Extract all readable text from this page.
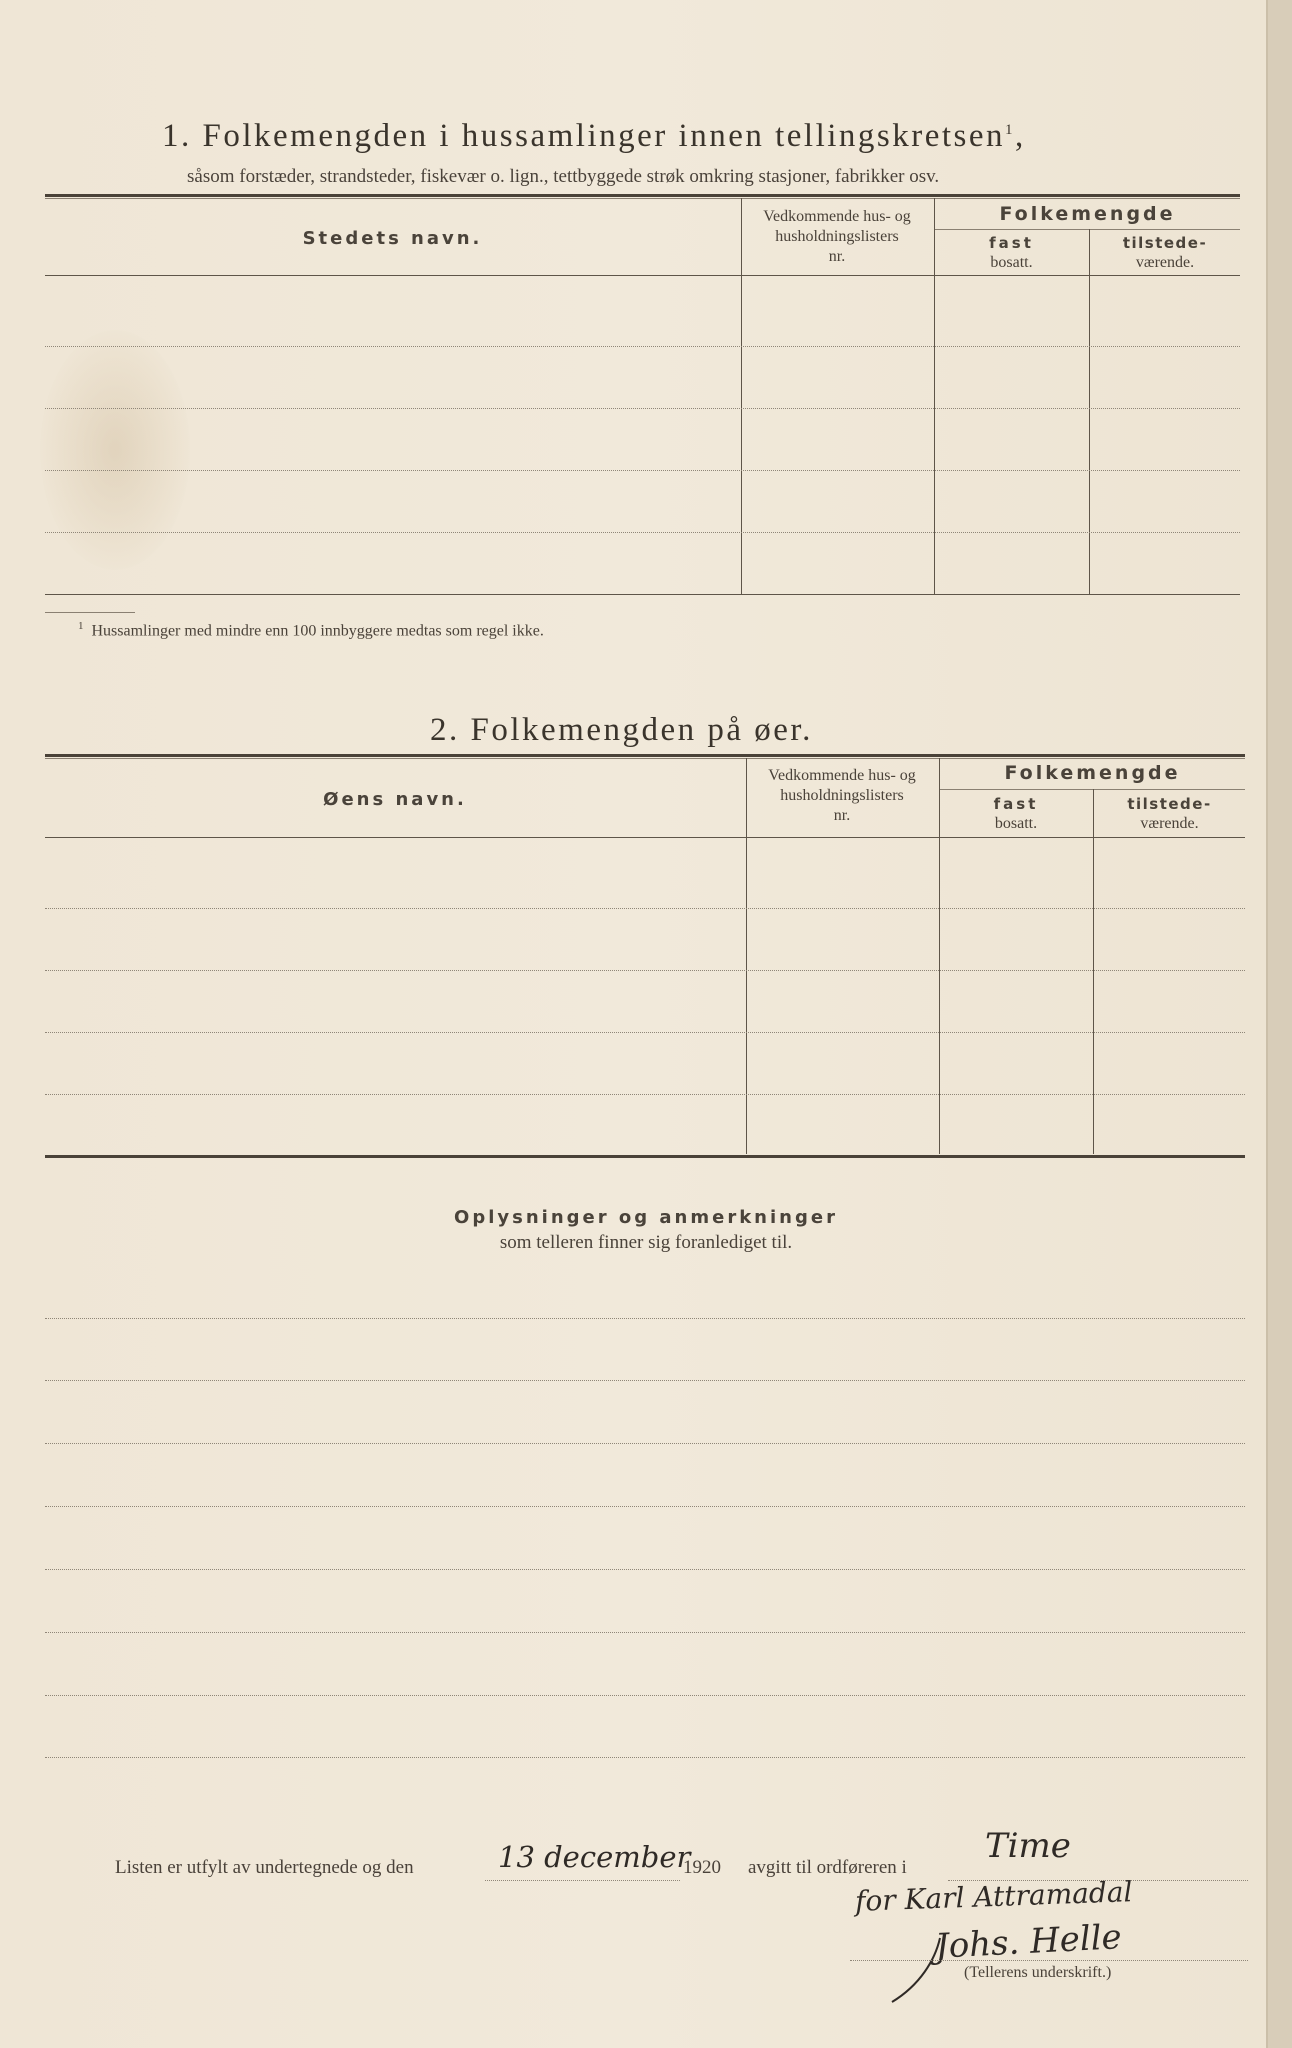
1. Folkemengden i hussamlinger innen tellingskretsen$^1$,
såsom forstæder, strandsteder, fiskevær o. lign., tettbyggede strøk omkring stasjoner, fabrikker osv.
Stedets navn.
Vedkommende hus- og
husholdningslisters
nr.
Folkemengde
fast
bosatt.
tilstede-
værende.
$^1$ Hussamlinger med mindre enn 100 innbyggere medtas som regel ikke.
2. Folkemengden på øer.
Øens navn.
Vedkommende hus- og
husholdningslisters
nr.
Folkemengde
fast
bosatt.
tilstede-
værende.
Oplysninger og anmerkninger
som telleren finner sig foranlediget til.
Listen er utfylt av undertegnede og den	13 december
1920 avgitt til ordføreren i
Time
for Karl Attramadal
Johs. Helle
(Tellerens underskrift.)
